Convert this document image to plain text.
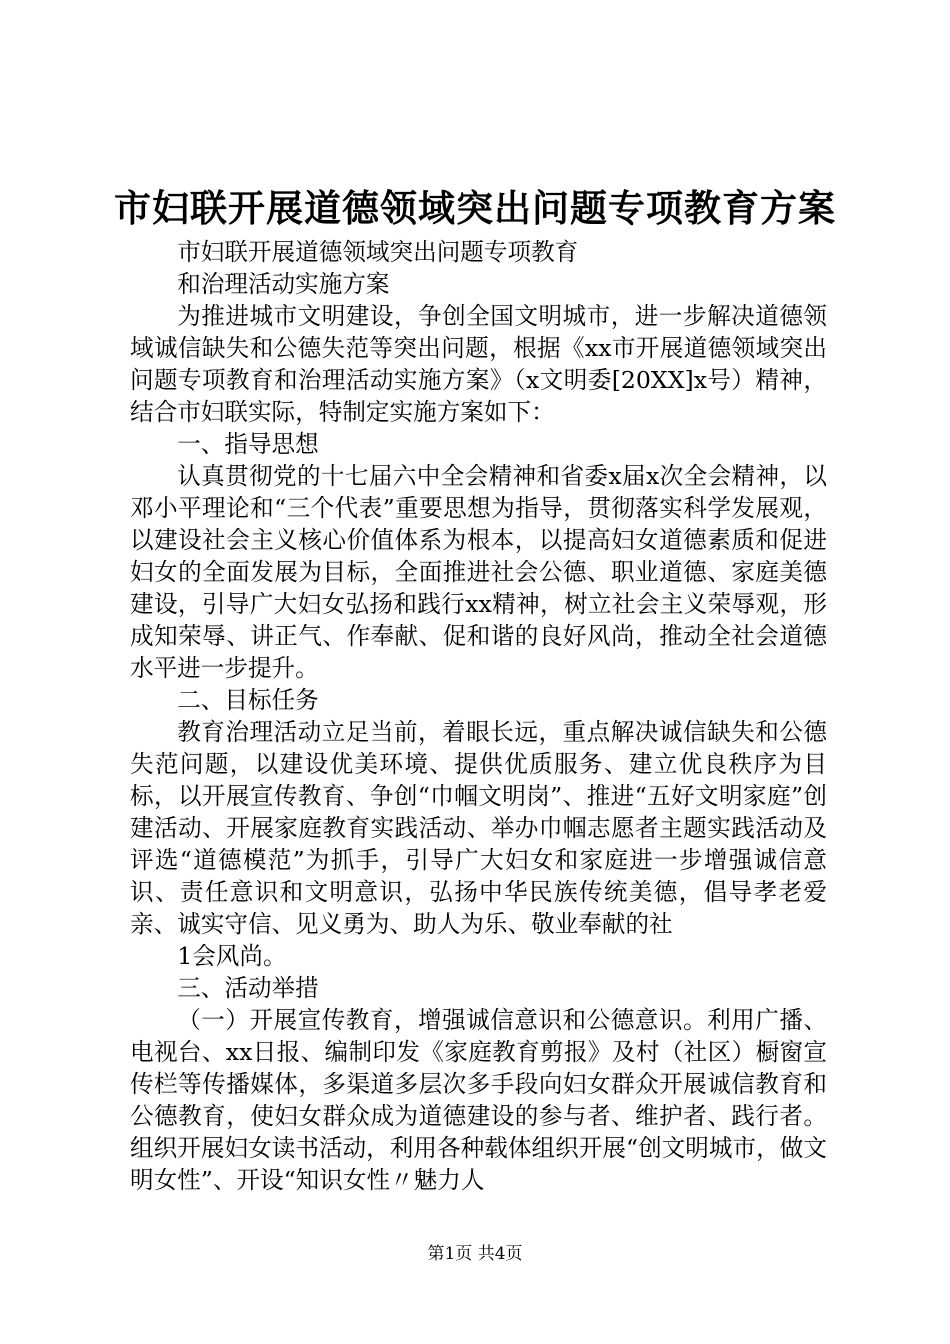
市妇联开展道德领域突出问题专项教育方案

市妇联开展道德领域突出问题专项教育

和治理活动实施方案

为推进城市文明建设，争创全国文明城市，进一步解决道德领域诚信缺失和公德失范等突出问题，根据《xx市开展道德领域突出问题专项教育和治理活动实施方案》（x文明委[20XX]x号）精神，结合市妇联实际，特制定实施方案如下：

一、指导思想

认真贯彻党的十七届六中全会精神和省委x届x次全会精神，以邓小平理论和“三个代表”重要思想为指导，贯彻落实科学发展观，以建设社会主义核心价值体系为根本，以提高妇女道德素质和促进妇女的全面发展为目标，全面推进社会公德、职业道德、家庭美德建设，引导广大妇女弘扬和践行xx精神，树立社会主义荣辱观，形成知荣辱、讲正气、作奉献、促和谐的良好风尚，推动全社会道德水平进一步提升。

二、目标任务

教育治理活动立足当前，着眼长远，重点解决诚信缺失和公德失范问题，以建设优美环境、提供优质服务、建立优良秩序为目标，以开展宣传教育、争创“巾帼文明岗”、推进“五好文明家庭”创建活动、开展家庭教育实践活动、举办巾帼志愿者主题实践活动及评选“道德模范”为抓手，引导广大妇女和家庭进一步增强诚信意识、责任意识和文明意识，弘扬中华民族传统美德，倡导孝老爱亲、诚实守信、见义勇为、助人为乐、敬业奉献的社

1会风尚。

三、活动举措

（一）开展宣传教育，增强诚信意识和公德意识。利用广播、电视台、xx日报、编制印发《家庭教育剪报》及村（社区）橱窗宣传栏等传播媒体，多渠道多层次多手段向妇女群众开展诚信教育和公德教育，使妇女群众成为道德建设的参与者、维护者、践行者。组织开展妇女读书活动，利用各种载体组织开展“创文明城市，做文明女性”、开设“知识女性〃魅力人

第1页 共4页
